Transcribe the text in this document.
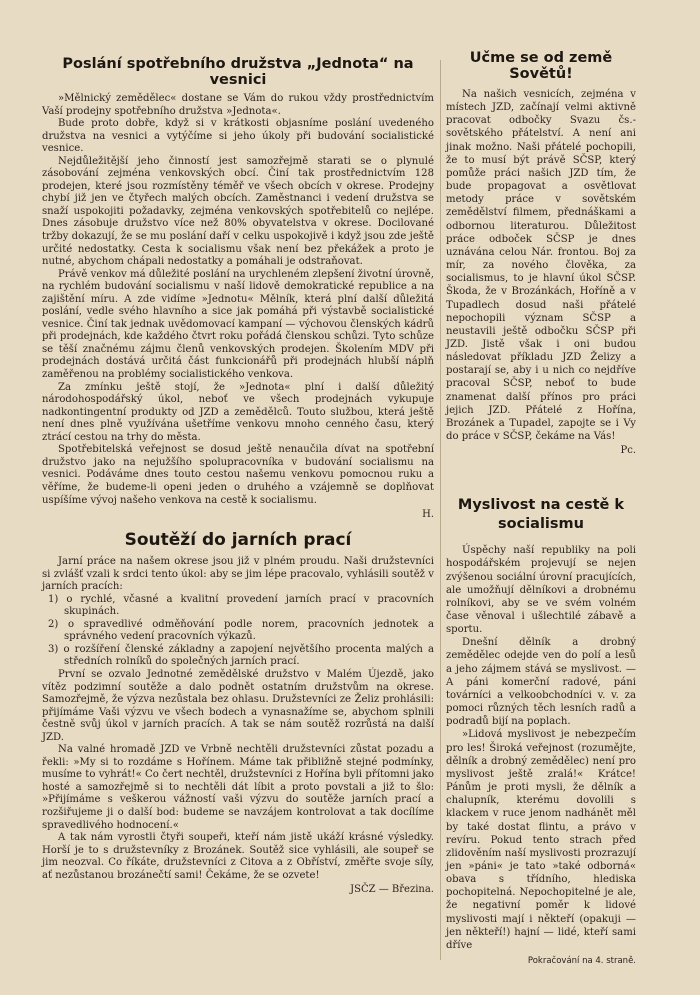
Poslání spotřebního družstva „Jednota“ na vesnici

»Mělnický zemědělec« dostane se Vám do rukou vždy prostřednictvím Vaší prodejny spotřebního družstva »Jednota«.

Bude proto dobře, když si v krátkosti objasníme poslání uvedeného družstva na vesnici a vytýčíme si jeho úkoly při budování socialistické vesnice.

Nejdůležitější jeho činností jest samozřejmě starati se o plynulé zásobování zejména venkovských obcí. Činí tak prostřednictvím 128 prodejen, které jsou rozmístěny téměř ve všech obcích v okrese. Prodejny chybí již jen ve čtyřech malých obcích. Zaměstnanci i vedení družstva se snaží uspokojiti požadavky, zejména venkovských spotřebitelů co nejlépe. Dnes zásobuje družstvo více než 80% obyvatelstva v okrese. Docilované tržby dokazují, že se mu poslání daří v celku uspokojivě i když jsou zde ještě určité nedostatky. Cesta k socialismu však není bez překážek a proto je nutné, abychom chápali nedostatky a pomáhali je odstraňovat.

Právě venkov má důležité poslání na urychleném zlepšení životní úrovně, na rychlém budování socialismu v naší lidově demokratické republice a na zajištění míru. A zde vidíme »Jednotu« Mělník, která plní další důležitá poslání, vedle svého hlavního a sice jak pomáhá při výstavbě socialistické vesnice. Činí tak jednak uvědomovací kampaní — výchovou členských kádrů při prodejnách, kde každého čtvrt roku pořádá členskou schůzi. Tyto schůze se těší značnému zájmu členů venkovských prodejen. Školením MDV při prodejnách dostává určitá část funkcionářů při prodejnách hlubší náplň zaměřenou na problémy socialistického venkova.

Za zmínku ještě stojí, že »Jednota« plní i další důležitý národohospodářský úkol, neboť ve všech prodejnách vykupuje nadkontingentní produkty od JZD a zemědělců. Touto službou, která ještě není dnes plně využívána ušetříme venkovu mnoho cenného času, který ztrácí cestou na trhy do města.

Spotřebitelská veřejnost se dosud ještě nenaučila dívat na spotřební družstvo jako na nejužšího spolupracovníka v budování socialismu na vesnici. Podáváme dnes touto cestou našemu venkovu pomocnou ruku a věříme, že budeme-li openi jeden o druhého a vzájemně se doplňovat uspíšíme vývoj našeho venkova na cestě k socialismu.

H.
Soutěží do jarních prací

Jarní práce na našem okrese jsou již v plném proudu. Naši družstevníci si zvlášť vzali k srdci tento úkol: aby se jim lépe pracovalo, vyhlásili soutěž v jarních pracích:

1) o rychlé, včasné a kvalitní provedení jarních prací v pracovních skupinách.
2) o spravedlivé odměňování podle norem, pracovních jednotek a správného vedení pracovních výkazů.
3) o rozšíření členské základny a zapojení největšího procenta malých a středních rolníků do společných jarních prací.

První se ozvalo Jednotné zemědělské družstvo v Malém Újezdě, jako vítěz podzimní soutěže a dalo podnět ostatním družstvům na okrese. Samozřejmě, že výzva nezůstala bez ohlasu. Družstevníci ze Želiz prohlásili: přijímáme Vaši výzvu ve všech bodech a vynasnažíme se, abychom splnili čestně svůj úkol v jarních pracích. A tak se nám soutěž rozrůstá na další JZD.

Na valné hromadě JZD ve Vrbně nechtěli družstevníci zůstat pozadu a řekli: »My si to rozdáme s Hořínem. Máme tak přibližně stejné podmínky, musíme to vyhrát!« Co čert nechtěl, družstevníci z Hořína byli přítomni jako hosté a samozřejmě si to nechtěli dát líbit a proto povstali a již to šlo: »Přijímáme s veškerou vážností vaši výzvu do soutěže jarních prací a rozšiřujeme ji o další bod: budeme se navzájem kontrolovat a tak docílíme spravedlivého hodnocení.«

A tak nám vyrostli čtyři soupeři, kteří nám jistě ukáží krásné výsledky. Horší je to s družstevníky z Brozánek. Soutěž sice vyhlásili, ale soupeř se jim neozval. Co říkáte, družstevníci z Citova a z Obříství, změřte svoje síly, ať nezůstanou brozánečtí sami! Čekáme, že se ozvete!

JSČZ — Březina.
Učme se od země Sovětů!

Na našich vesnicích, zejména v místech JZD, začínají velmi aktivně pracovat odbočky Svazu čs.-sovětského přátelství. A není ani jinak možno. Naši přátelé pochopili, že to musí být právě SČSP, který pomůže práci našich JZD tím, že bude propagovat a osvětlovat metody práce v sovětském zemědělství filmem, přednáškami a odbornou literaturou. Důležitost práce odboček SČSP je dnes uznávána celou Nár. frontou. Boj za mír, za nového člověka, za socialismus, to je hlavní úkol SČSP. Škoda, že v Brozánkách, Hoříně a v Tupadlech dosud naši přátelé nepochopili význam SČSP a neustavili ještě odbočku SČSP při JZD. Jistě však i oni budou následovat příkladu JZD Želizy a postarají se, aby i u nich co nejdříve pracoval SČSP, neboť to bude znamenat další přínos pro práci jejich JZD. Přátelé z Hořína, Brozánek a Tupadel, zapojte se i Vy do práce v SČSP, čekáme na Vás!

Pc.
Myslivost na cestě k socialismu

Úspěchy naší republiky na poli hospodářském projevují se nejen zvýšenou sociální úrovní pracujících, ale umožňují dělníkovi a drobnému rolníkovi, aby se ve svém volném čase věnoval i ušlechtilé zábavě a sportu.

Dnešní dělník a drobný zemědělec odejde ven do polí a lesů a jeho zájmem stává se myslivost. — A páni komerční radové, páni továrníci a velkoobchodníci v. v. za pomoci různých těch lesních radů a podradů bijí na poplach.

»Lidová myslivost je nebezpečím pro les! Široká veřejnost (rozumějte, dělník a drobný zemědělec) není pro myslivost ještě zralá!« Krátce! Pánům je proti mysli, že dělník a chalupník, kterému dovolili s klackem v ruce jenom nadhánět měl by také dostat flintu, a právo v revíru. Pokud tento strach před zlidověním naší myslivosti prozrazují jen »páni« je tato »také odborná« obava s třídního, hlediska pochopitelná. Nepochopitelné je ale, že negativní poměr k lidové myslivosti mají i někteří (opakuji — jen někteří!) hajní — lidé, kteří sami dříve

Pokračování na 4. straně.
